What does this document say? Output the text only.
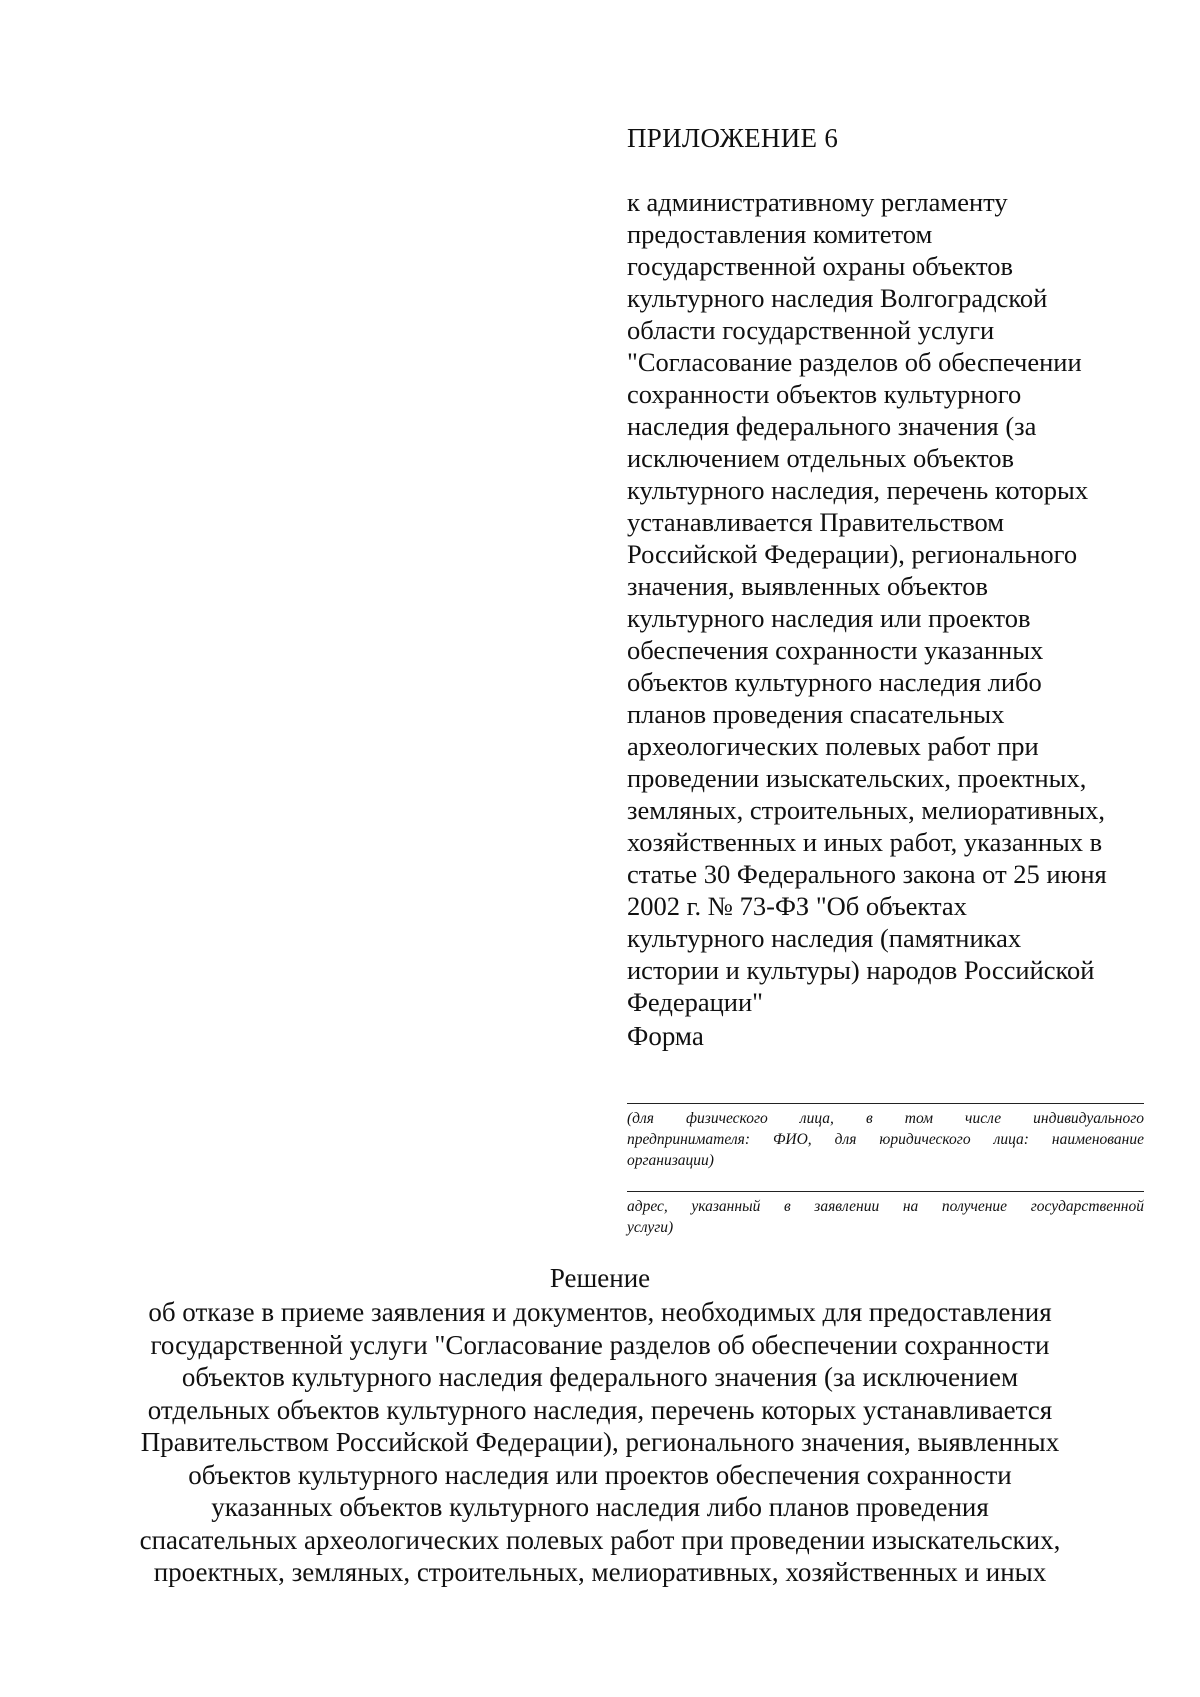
ПРИЛОЖЕНИЕ 6
к административному регламенту
предоставления комитетом
государственной охраны объектов
культурного наследия Волгоградской
области государственной услуги
"Согласование разделов об обеспечении
сохранности объектов культурного
наследия федерального значения (за
исключением отдельных объектов
культурного наследия, перечень которых
устанавливается Правительством
Российской Федерации), регионального
значения, выявленных объектов
культурного наследия или проектов
обеспечения сохранности указанных
объектов культурного наследия либо
планов проведения спасательных
археологических полевых работ при
проведении изыскательских, проектных,
земляных, строительных, мелиоративных,
хозяйственных и иных работ, указанных в
статье 30 Федерального закона от 25 июня
2002 г. № 73-ФЗ "Об объектах
культурного наследия (памятниках
истории и культуры) народов Российской
Федерации"
Форма
(для физического лица, в том числе индивидуального
предпринимателя: ФИО, для юридического лица: наименование
организации)
адрес, указанный в заявлении на получение государственной
услуги)
Решение
об отказе в приеме заявления и документов, необходимых для предоставления
государственной услуги "Согласование разделов об обеспечении сохранности
объектов культурного наследия федерального значения (за исключением
отдельных объектов культурного наследия, перечень которых устанавливается
Правительством Российской Федерации), регионального значения, выявленных
объектов культурного наследия или проектов обеспечения сохранности
указанных объектов культурного наследия либо планов проведения
спасательных археологических полевых работ при проведении изыскательских,
проектных, земляных, строительных, мелиоративных, хозяйственных и иных
